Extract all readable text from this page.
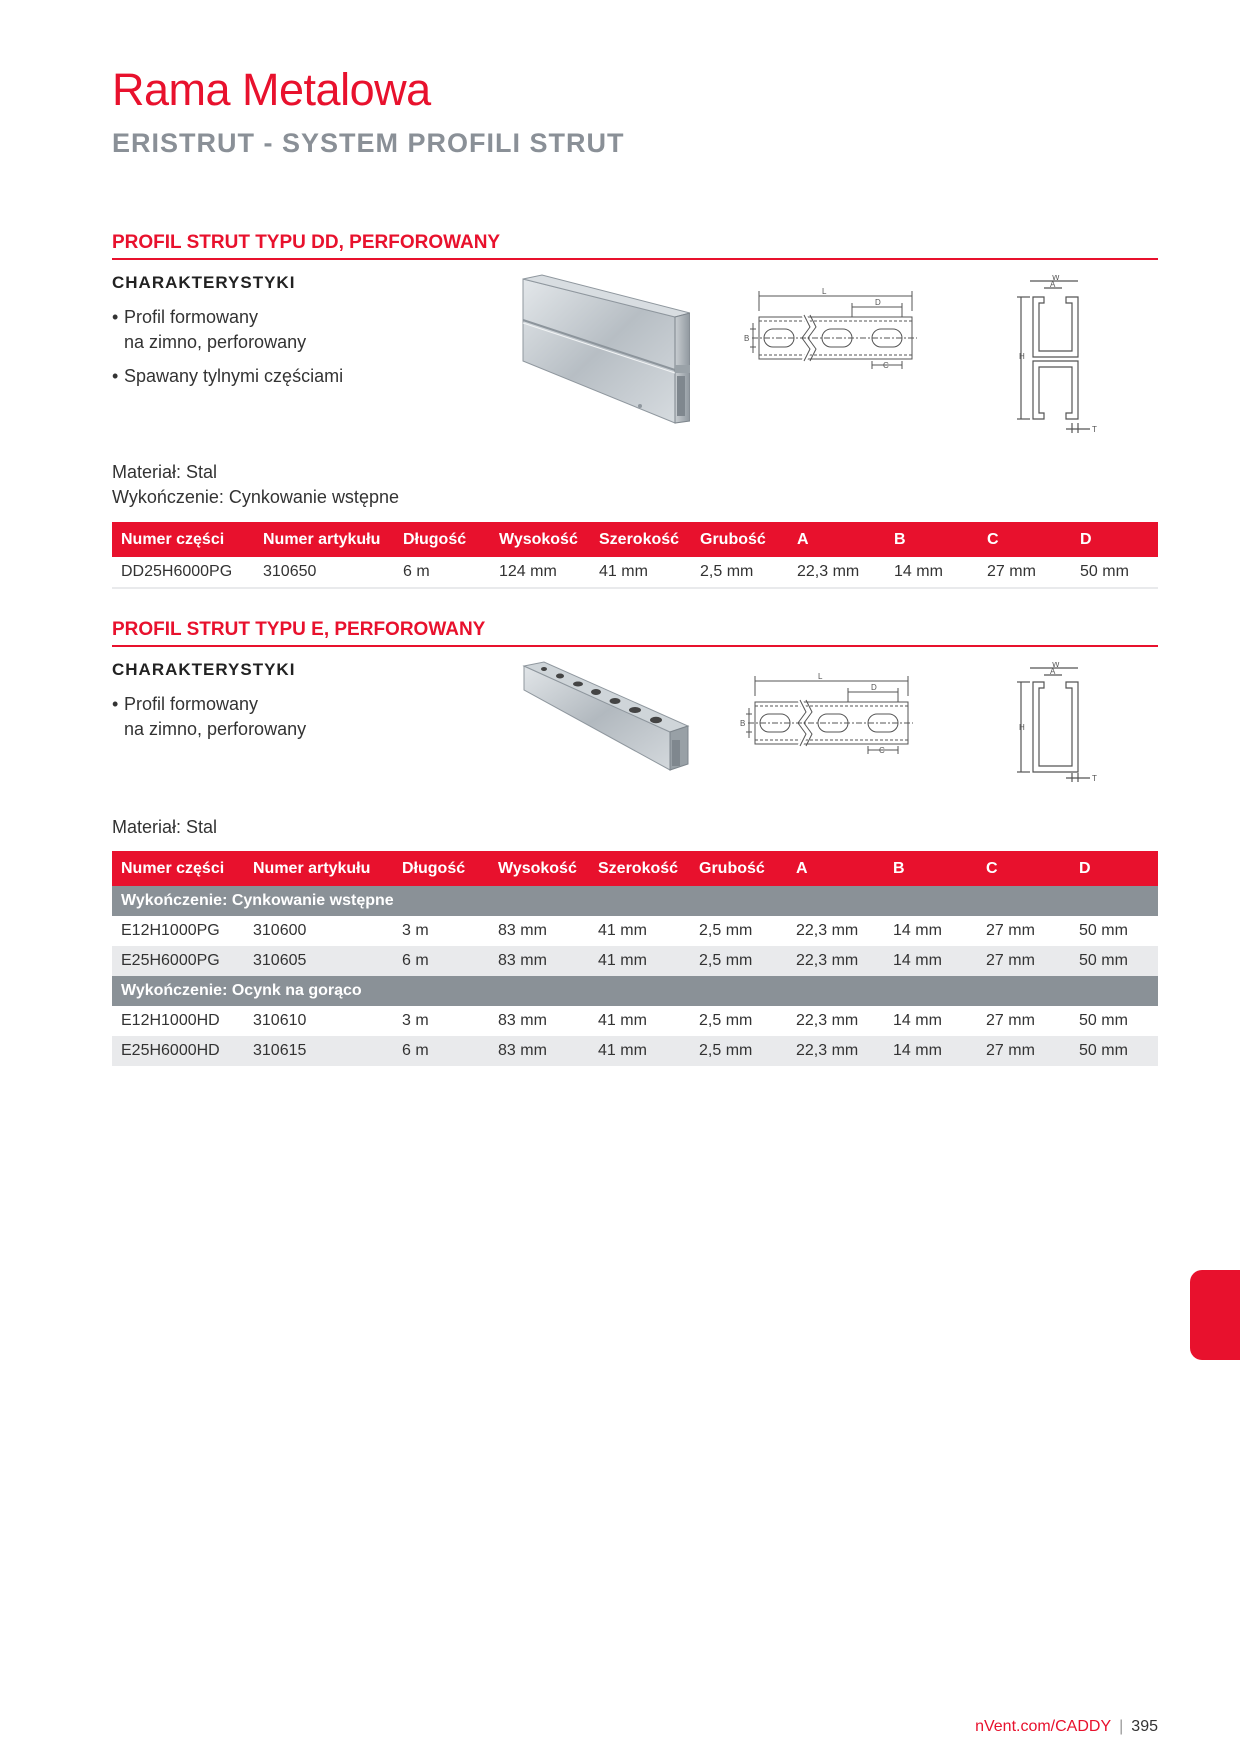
Rama Metalowa
ERISTRUT - SYSTEM PROFILI STRUT
PROFIL STRUT TYPU DD, PERFOROWANY
CHARAKTERYSTYKI
• Profil formowany
na zimno, perforowany
• Spawany tylnymi częściami
L
D
B
C
W
A
H
T
Materiał: Stal
Wykończenie: Cynkowanie wstępne
Numer części	Numer artykułu	Długość	Wysokość	Szerokość	Grubość	A	B	C	D
DD25H6000PG	310650	6 m	124 mm	41 mm	2,5 mm	22,3 mm	14 mm	27 mm	50 mm
PROFIL STRUT TYPU E, PERFOROWANY
CHARAKTERYSTYKI
• Profil formowany
na zimno, perforowany
L
D
B
C
W
A
H
T
Materiał: Stal
Numer części	Numer artykułu	Długość	Wysokość	Szerokość	Grubość	A	B	C	D
Wykończenie: Cynkowanie wstępne									
E12H1000PG	310600	3 m	83 mm	41 mm	2,5 mm	22,3 mm	14 mm	27 mm	50 mm
E25H6000PG	310605	6 m	83 mm	41 mm	2,5 mm	22,3 mm	14 mm	27 mm	50 mm
Wykończenie: Ocynk na gorąco									
E12H1000HD	310610	3 m	83 mm	41 mm	2,5 mm	22,3 mm	14 mm	27 mm	50 mm
E25H6000HD	310615	6 m	83 mm	41 mm	2,5 mm	22,3 mm	14 mm	27 mm	50 mm
nVent.com/CADDY | 395
